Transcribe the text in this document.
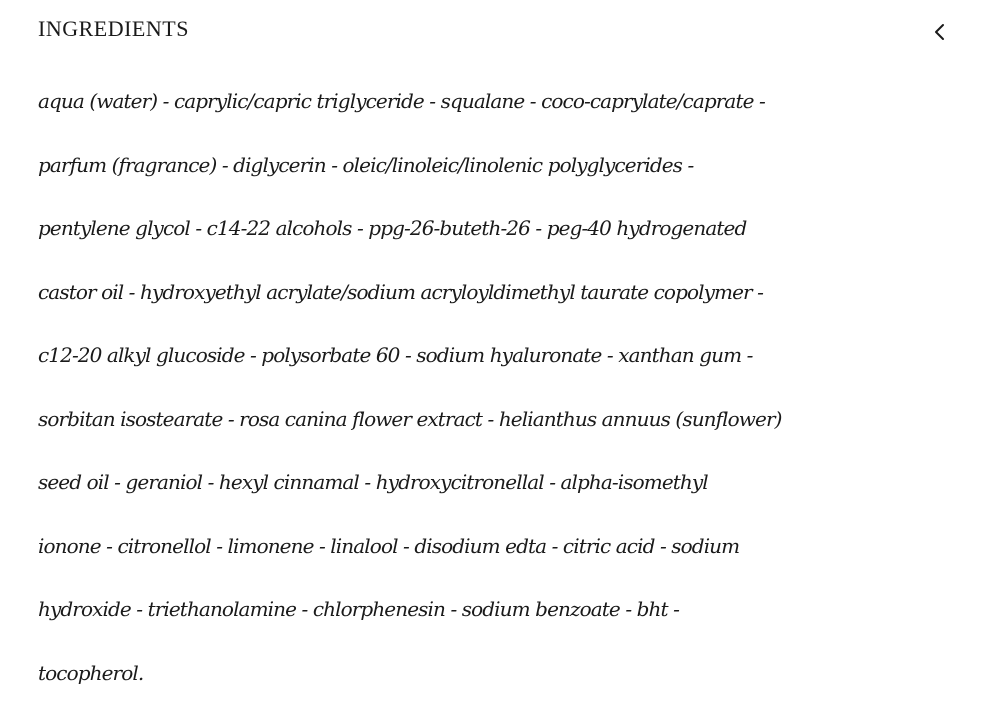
INGREDIENTS

aqua (water) - caprylic/capric triglyceride - squalane - coco-caprylate/caprate -
parfum (fragrance) - diglycerin - oleic/linoleic/linolenic polyglycerides -
pentylene glycol - c14-22 alcohols - ppg-26-buteth-26 - peg-40 hydrogenated
castor oil - hydroxyethyl acrylate/sodium acryloyldimethyl taurate copolymer -
c12-20 alkyl glucoside - polysorbate 60 - sodium hyaluronate - xanthan gum -
sorbitan isostearate - rosa canina flower extract - helianthus annuus (sunflower)
seed oil - geraniol - hexyl cinnamal - hydroxycitronellal - alpha-isomethyl
ionone - citronellol - limonene - linalool - disodium edta - citric acid - sodium
hydroxide - triethanolamine - chlorphenesin - sodium benzoate - bht -
tocopherol.
